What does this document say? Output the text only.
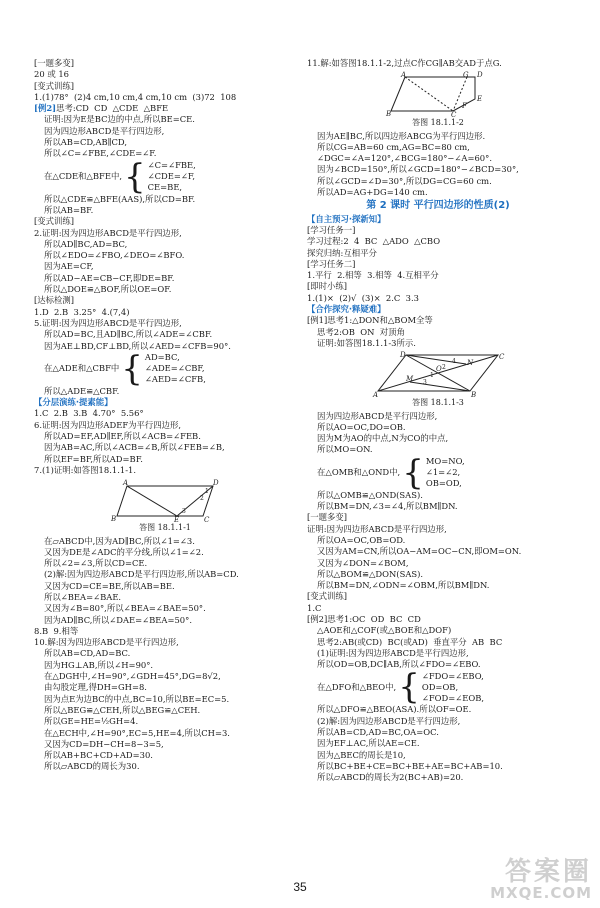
[一题多变]
20 或 16
[变式训练]
1.(1)78°  (2)4 cm,10 cm,4 cm,10 cm  (3)72  108
[例2]思考:CD  CD  △CDE  △BFE
证明:因为E是BC边的中点,所以BE=CE.
因为四边形ABCD是平行四边形,
所以AB=CD,AB∥CD,
所以∠C=∠FBE,∠CDE=∠F.
在△CDE和△BFE中, { ∠C=∠FBE,
∠CDE=∠F,
CE=BE,
所以△CDE≌△BFE(AAS),所以CD=BF.
所以AB=BF.
[变式训练]
2.证明:因为四边形ABCD是平行四边形,
所以AD∥BC,AD=BC,
所以∠EDO=∠FBO,∠DEO=∠BFO.
因为AE=CF,
所以AD−AE=CB−CF,即DE=BF.
所以△DOE≌△BOF,所以OE=OF.
[达标检测]
1.D  2.B  3.25°  4.(7,4)
5.证明:因为四边形ABCD是平行四边形,
所以AD=BC,且AD∥BC,所以∠ADE=∠CBF.
因为AE⊥BD,CF⊥BD,所以∠AED=∠CFB=90°.
在△ADE和△CBF中 { AD=BC,
∠ADE=∠CBF,
∠AED=∠CFB,
所以△ADE≌△CBF.
【分层演练·提素能】
1.C  2.B  3.B  4.70°  5.56°
6.证明:因为四边形ADEF为平行四边形,
所以AD=EF,AD∥EF,所以∠ACB=∠FEB.
因为AB=AC,所以∠ACB=∠B,所以∠FEB=∠B,
所以EF=BF,所以AD=BF.
7.(1)证明:如答图18.1.1-1.
A
B	E	C
D
1
2
3
答图 18.1.1-1
在▱ABCD中,因为AD∥BC,所以∠1=∠3.
又因为DE是∠ADC的平分线,所以∠1=∠2.
所以∠2=∠3,所以CD=CE.
(2)解:因为四边形ABCD是平行四边形,所以AB=CD.
又因为CD=CE=BE,所以AB=BE.
所以∠BEA=∠BAE.
又因为∠B=80°,所以∠BEA=∠BAE=50°.
因为AD∥BC,所以∠DAE=∠BEA=50°.
8.B  9.相等
10.解:因为四边形ABCD是平行四边形,
所以AB=CD,AD=BC.
因为HG⊥AB,所以∠H=90°.
在△DGH中,∠H=90°,∠GDH=45°,DG=8√2,
由勾股定理,得DH=GH=8.
因为点E为边BC的中点,BC=10,所以BE=EC=5.
所以△BEG≌△CEH,所以△BEG≌△CEH.
所以GE=HE=½GH=4.
在△ECH中,∠H=90°,EC=5,HE=4,所以CH=3.
又因为CD=DH−CH=8−3=5,
所以AB+BC+CD+AD=30.
所以▱ABCD的周长为30.
11.解:如答图18.1.1-2,过点C作CG∥AB交AD于点G.
A	G D
B	C
E
F
答图 18.1.1-2
因为AE∥BC,所以四边形ABCG为平行四边形.
所以CG=AB=60 cm,AG=BC=80 cm,
∠DGC=∠A=120°,∠BCG=180°−∠A=60°.
因为∠BCD=150°,所以∠GCD=180°−∠BCD=30°,
所以∠GCD=∠D=30°,所以DG=CG=60 cm.
所以AD=AG+DG=140 cm.
第 2 课时 平行四边形的性质(2)
【自主预习·探新知】
[学习任务一]
学习过程:2  4  BC  △ADO  △CBO
探究归纳:互相平分
[学习任务二]
1.平行  2.相等  3.相等  4.互相平分
[即时小练]
1.(1)×  (2)√  (3)×  2.C  3.3
【合作探究·释疑难】
[例1]思考1:△DON和△BOM全等
思考2:OB  ON  对顶角
证明:如答图18.1.1-3所示.
A	B
C
D
M
N
O
1
2
3
4
答图 18.1.1-3
因为四边形ABCD是平行四边形,
所以AO=OC,DO=OB.
因为M为AO的中点,N为CO的中点,
所以MO=ON.
在△OMB和△OND中, { MO=NO,
∠1=∠2,
OB=OD,
所以△OMB≌△OND(SAS).
所以BM=DN,∠3=∠4,所以BM∥DN.
[一题多变]
证明:因为四边形ABCD是平行四边形,
所以OA=OC,OB=OD.
又因为AM=CN,所以OA−AM=OC−CN,即OM=ON.
又因为∠DON=∠BOM,
所以△BOM≌△DON(SAS).
所以BM=DN,∠ODN=∠OBM,所以BM∥DN.
[变式训练]
1.C
[例2]思考1:OC  OD  BC  CD
△AOE和△COF(或△BOE和△DOF)
思考2:AB(或CD)  BC(或AD)  垂直平分  AB  BC
(1)证明:因为四边形ABCD是平行四边形,
所以OD=OB,DC∥AB,所以∠FDO=∠EBO.
在△DFO和△BEO中, { ∠FDO=∠EBO,
OD=OB,
∠FOD=∠EOB,
所以△DFO≌△BEO(ASA).所以OF=OE.
(2)解:因为四边形ABCD是平行四边形,
所以AB=CD,AD=BC,OA=OC.
因为EF⊥AC,所以AE=CE.
因为△BEC的周长是10,
所以BC+BE+CE=BC+BE+AE=BC+AB=10.
所以▱ABCD的周长为2(BC+AB)=20.
35	答案圈
MXQE.COM
